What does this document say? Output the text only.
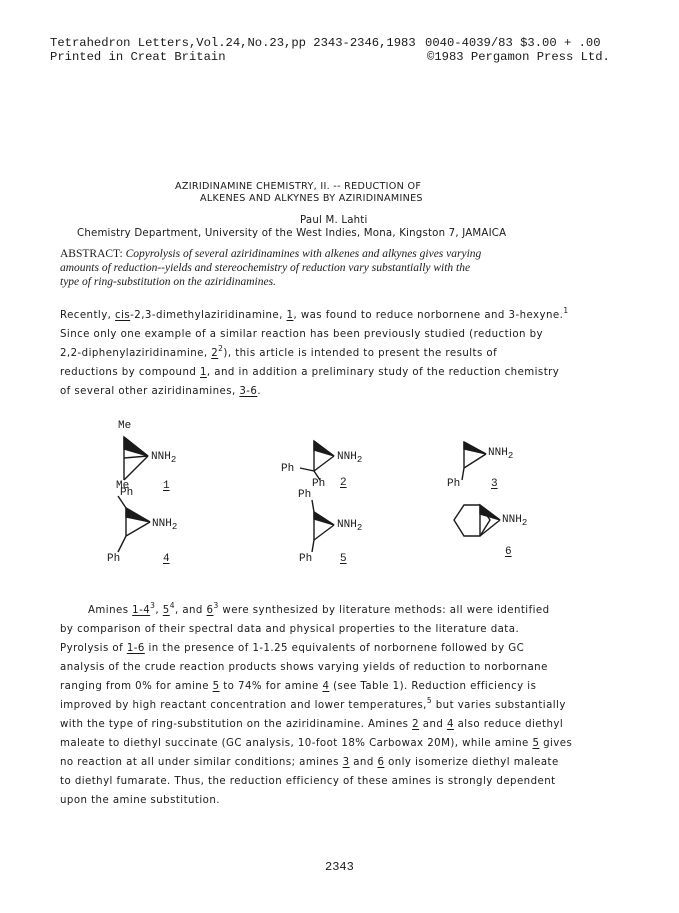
Tetrahedron Letters,Vol.24,No.23,pp 2343-2346,1983 0040-4039/83 $3.00 + .00
Printed in Creat Britain	©1983 Pergamon Press Ltd.
AZIRIDINAMINE CHEMISTRY, II. -- REDUCTION OF
ALKENES AND ALKYNES BY AZIRIDINAMINES
Paul M. Lahti
Chemistry Department, University of the West Indies, Mona, Kingston 7, JAMAICA
ABSTRACT: Copyrolysis of several aziridinamines with alkenes and alkynes gives varying
amounts of reduction--yields and stereochemistry of reduction vary substantially with the
type of ring-substitution on the aziridinamines.
Recently, cis-2,3-dimethylaziridinamine, 1, was found to reduce norbornene and 3-hexyne.$^1$
Since only one example of a similar reaction has been previously studied (reduction by
2,2-diphenylaziridinamine, $2^2$), this article is intended to present the results of
reductions by compound 1, and in addition a preliminary study of the reduction chemistry
of several other aziridinamines, 3-6.
Me
$NNH_2$
Me	1
Ph
$NNH_2$
Ph	4
$NNH_2$
Ph
Ph 2
Ph
$NNH_2$
Ph	5
$NNH_2$
Ph	3
$NNH_2$
6
Amines $1-4^3$, $5^4$, and $6^3$ were synthesized by literature methods: all were identified
by comparison of their spectral data and physical properties to the literature data.
Pyrolysis of 1-6 in the presence of 1-1.25 equivalents of norbornene followed by GC
analysis of the crude reaction products shows varying yields of reduction to norbornane
ranging from 0% for amine 5 to 74% for amine 4 (see Table 1). Reduction efficiency is
improved by high reactant concentration and lower temperatures,$^5$ but varies substantially
with the type of ring-substitution on the aziridinamine. Amines 2 and 4 also reduce diethyl
maleate to diethyl succinate (GC analysis, 10-foot 18% Carbowax 20M), while amine 5 gives
no reaction at all under similar conditions; amines 3 and 6 only isomerize diethyl maleate
to diethyl fumarate. Thus, the reduction efficiency of these amines is strongly dependent
upon the amine substitution.
2343
